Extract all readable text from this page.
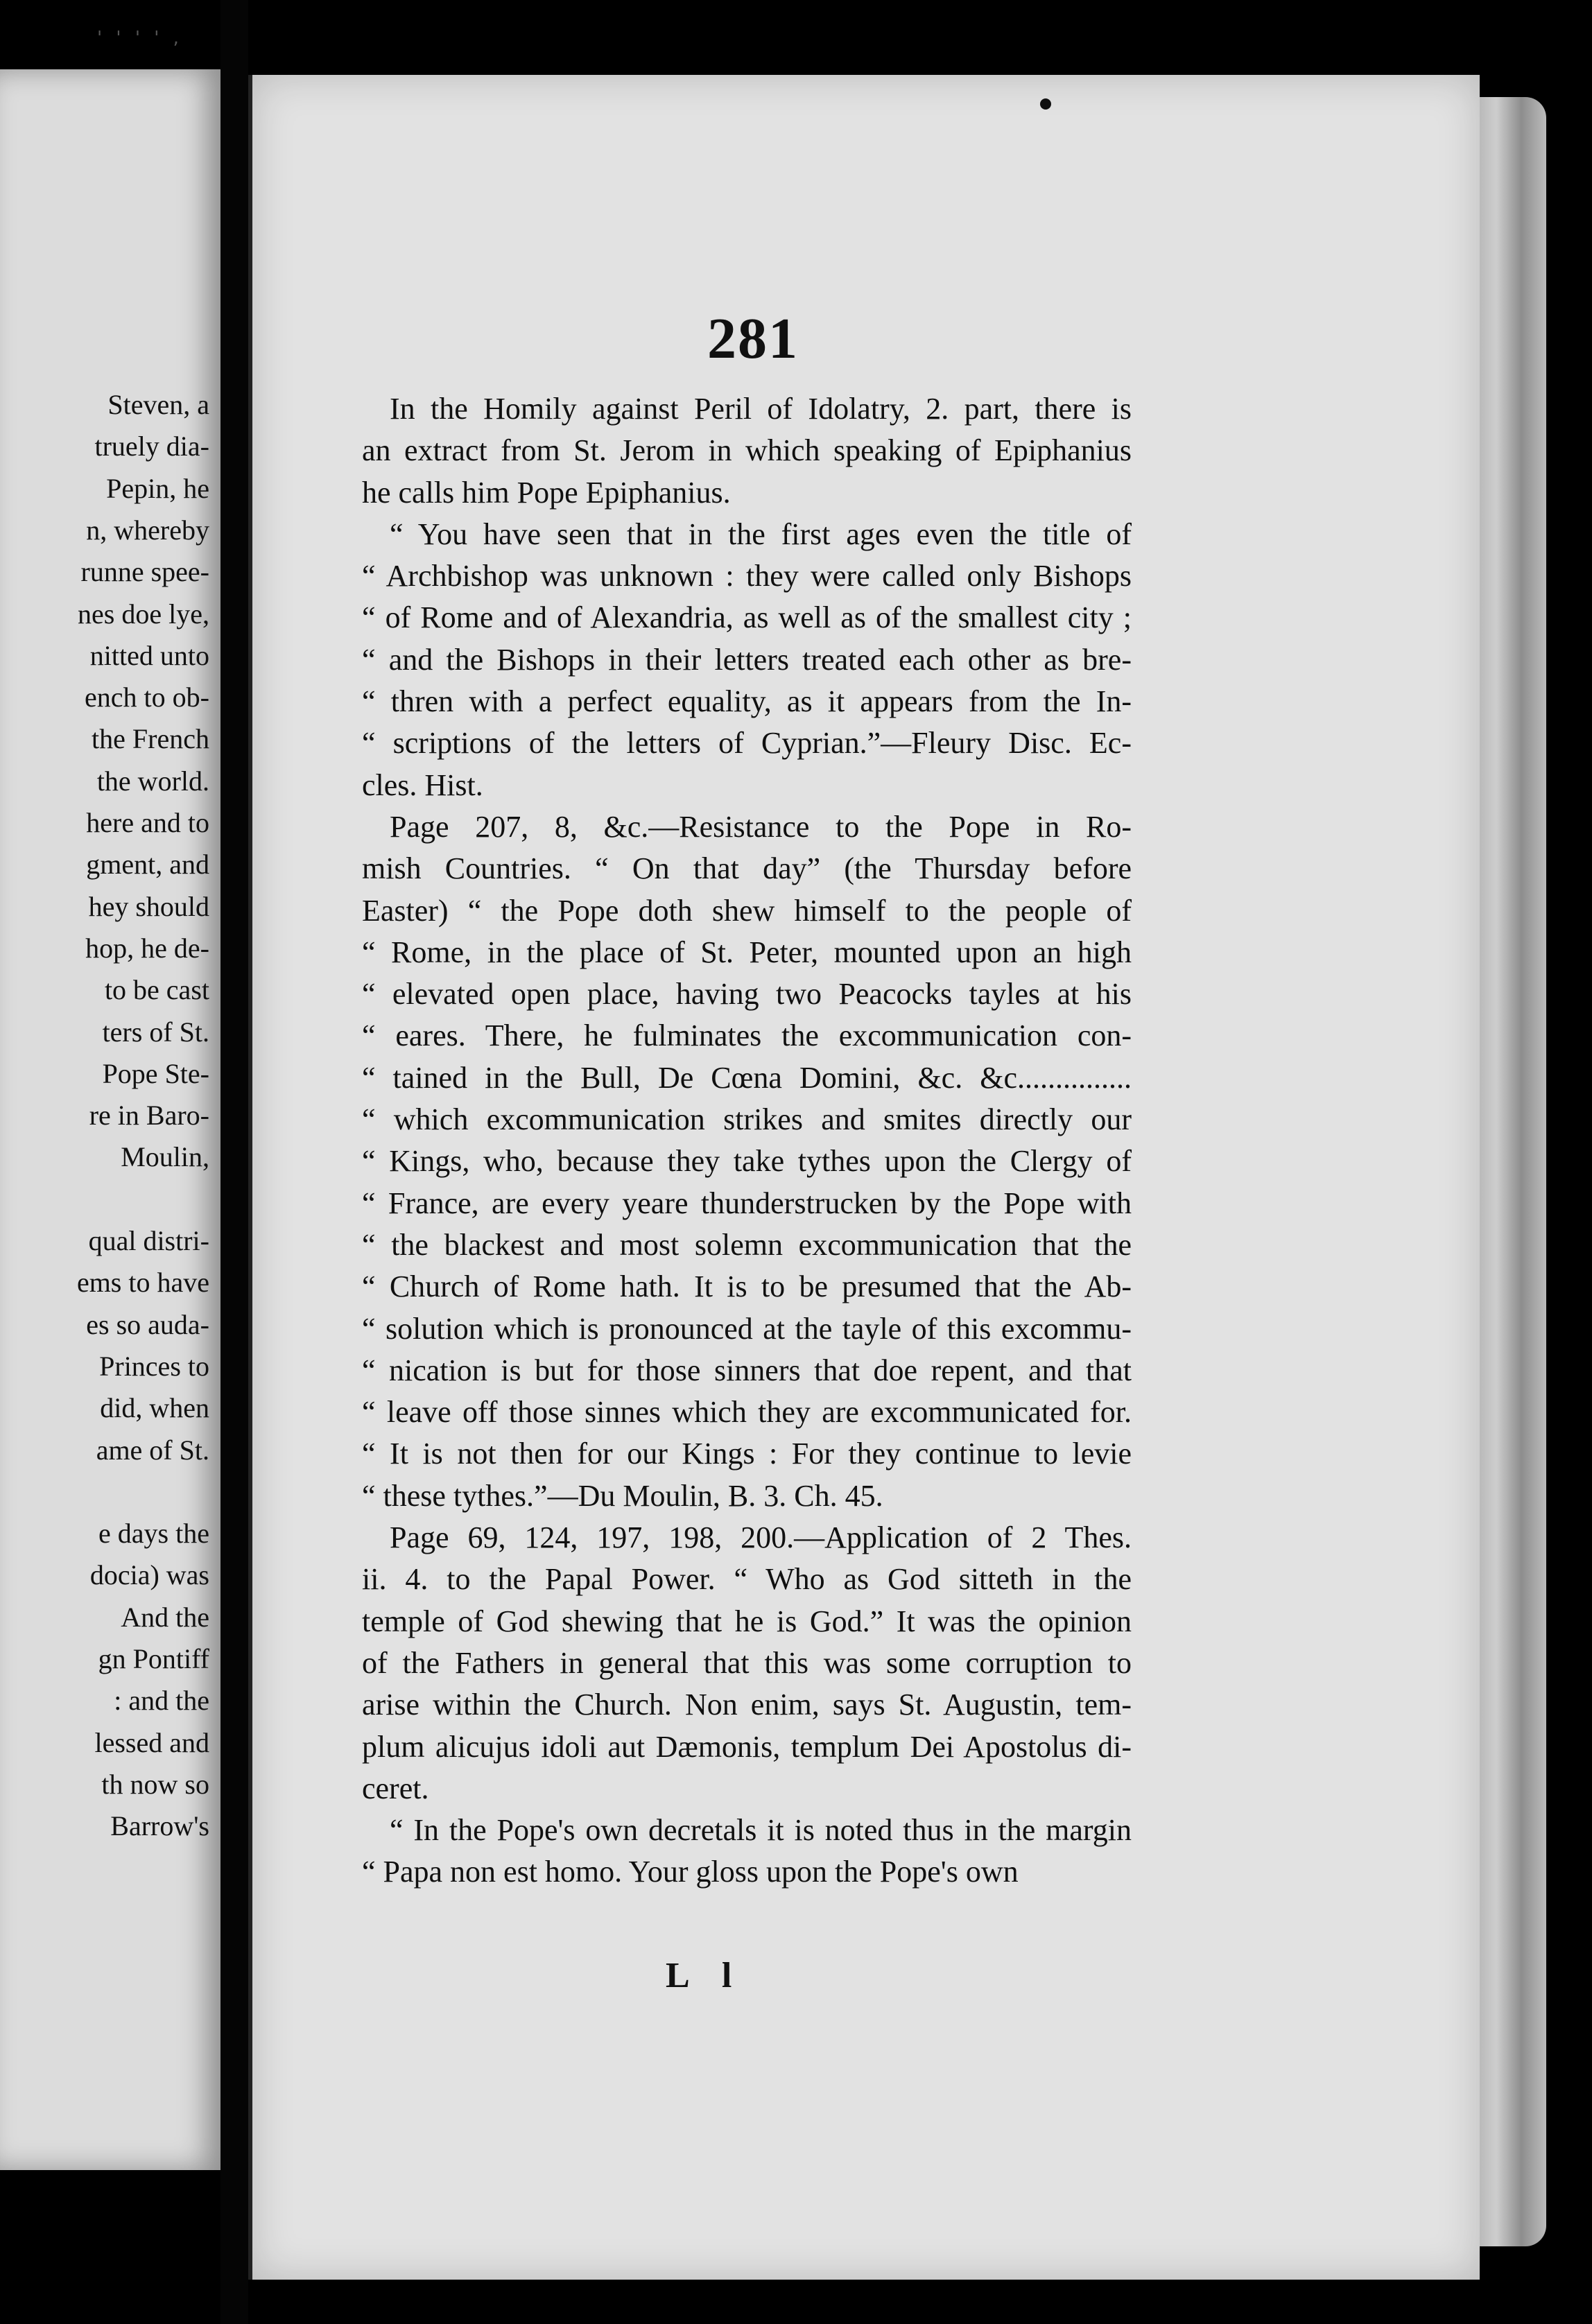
' ' ' ' ,
Steven, a
truely dia-
Pepin, he
n, whereby
runne spee-
nes doe lye,
nitted unto
ench to ob-
the French
the world.
here and to
gment, and
hey should
hop, he de-
to be cast
ters of St.
Pope Ste-
re in Baro-
Moulin,
qual distri-
ems to have
es so auda-
Princes to
did, when
ame of St.
e days the
docia) was
And the
gn Pontiff
: and the
lessed and
th now so
Barrow's
281
In the Homily against Peril of Idolatry, 2. part, there is
an extract from St. Jerom in which speaking of Epiphanius
he calls him Pope Epiphanius.
“ You have seen that in the first ages even the title of
“ Archbishop was unknown : they were called only Bishops
“ of Rome and of Alexandria, as well as of the smallest city ;
“ and the Bishops in their letters treated each other as bre-
“ thren with a perfect equality, as it appears from the In-
“ scriptions of the letters of Cyprian.”—Fleury Disc. Ec-
cles. Hist.
Page 207, 8, &c.—Resistance to the Pope in Ro-
mish Countries. “ On that day” (the Thursday before
Easter) “ the Pope doth shew himself to the people of
“ Rome, in the place of St. Peter, mounted upon an high
“ elevated open place, having two Peacocks tayles at his
“ eares. There, he fulminates the excommunication con-
“ tained in the Bull, De Cœna Domini, &c. &c...............
“ which excommunication strikes and smites directly our
“ Kings, who, because they take tythes upon the Clergy of
“ France, are every yeare thunderstrucken by the Pope with
“ the blackest and most solemn excommunication that the
“ Church of Rome hath. It is to be presumed that the Ab-
“ solution which is pronounced at the tayle of this excommu-
“ nication is but for those sinners that doe repent, and that
“ leave off those sinnes which they are excommunicated for.
“ It is not then for our Kings : For they continue to levie
“ these tythes.”—Du Moulin, B. 3. Ch. 45.
Page 69, 124, 197, 198, 200.—Application of 2 Thes.
ii. 4. to the Papal Power. “ Who as God sitteth in the
temple of God shewing that he is God.” It was the opinion
of the Fathers in general that this was some corruption to
arise within the Church. Non enim, says St. Augustin, tem-
plum alicujus idoli aut Dæmonis, templum Dei Apostolus di-
ceret.
“ In the Pope's own decretals it is noted thus in the margin
“ Papa non est homo. Your gloss upon the Pope's own
L l
